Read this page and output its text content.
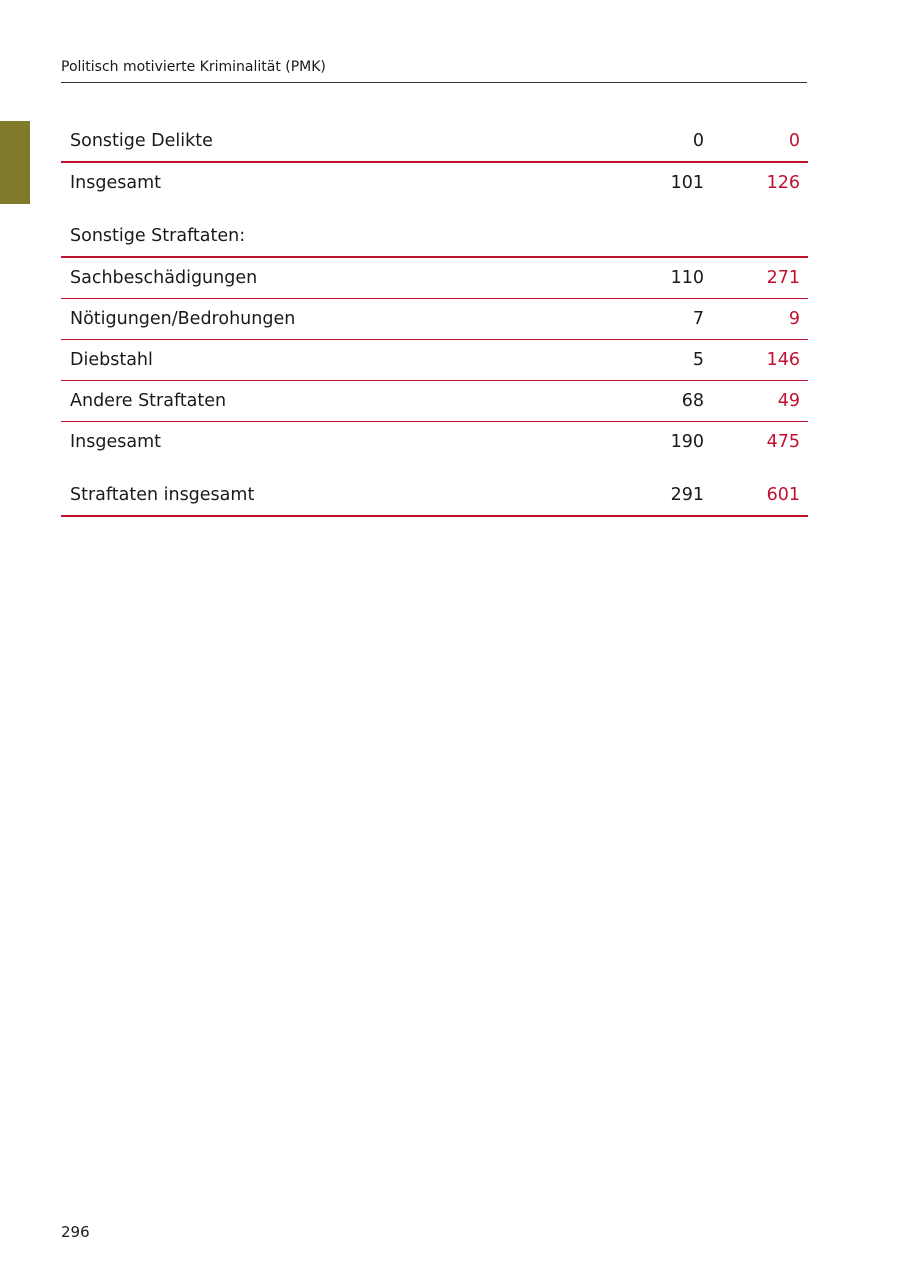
Politisch motivierte Kriminalität (PMK)
Sonstige Delikte	0	0
Insgesamt	101	126
Sonstige Straftaten:
Sachbeschädigungen	110	271
Nötigungen/Bedrohungen	7	9
Diebstahl	5	146
Andere Straftaten	68	49
Insgesamt	190	475
Straftaten insgesamt	291	601
296
